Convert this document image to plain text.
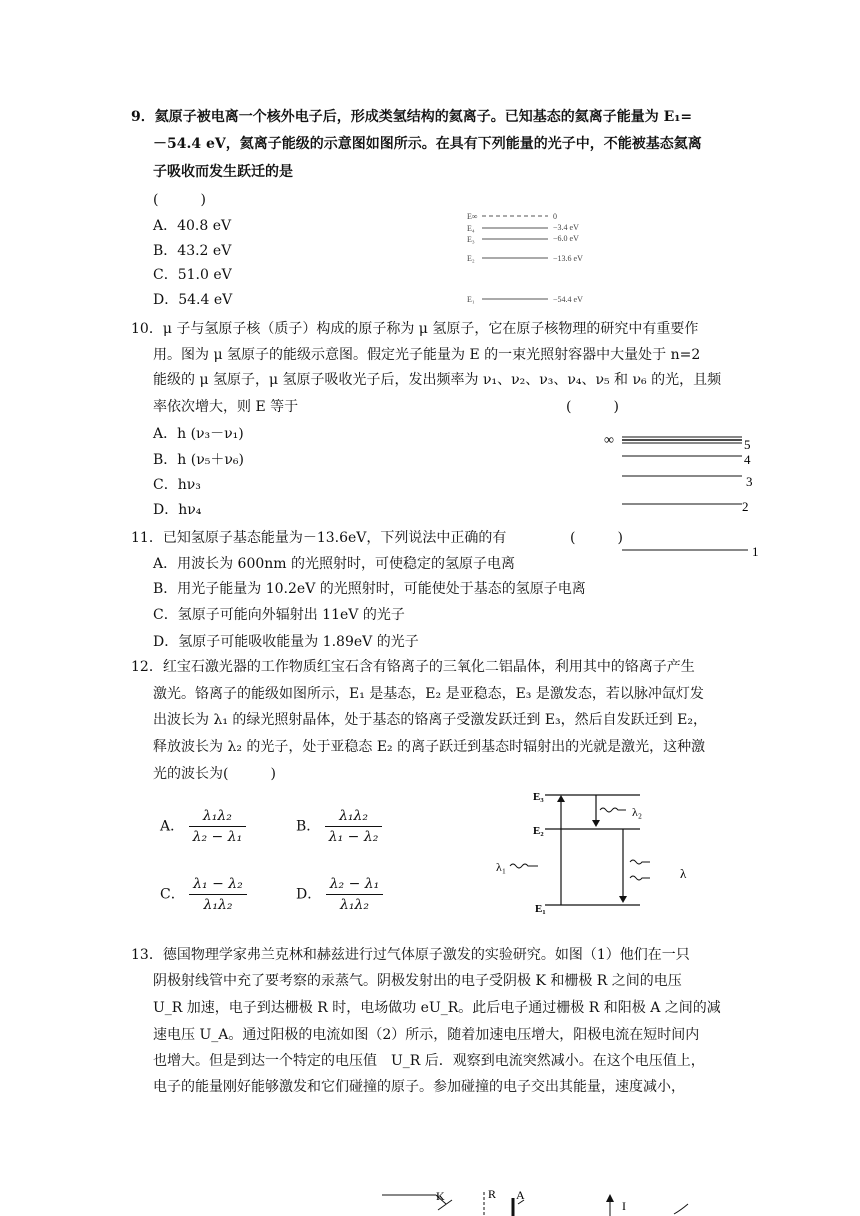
9．氦原子被电离一个核外电子后，形成类氢结构的氦离子。已知基态的氦离子能量为 E₁=
－54.4 eV，氦离子能级的示意图如图所示。在具有下列能量的光子中，不能被基态氦离
子吸收而发生跃迁的是
(　　　)
A．40.8 eV
B．43.2 eV
C．51.0 eV
D．54.4 eV
E∞
E₄
E₃
E₂
E₁
0
−3.4 eV
−6.0 eV
−13.6 eV
−54.4 eV
10．μ 子与氢原子核（质子）构成的原子称为 μ 氢原子，它在原子核物理的研究中有重要作
用。图为 μ 氢原子的能级示意图。假定光子能量为 E 的一束光照射容器中大量处于 n=2
能级的 μ 氢原子，μ 氢原子吸收光子后，发出频率为 ν₁、ν₂、ν₃、ν₄、ν₅ 和 ν₆ 的光，且频
率依次增大，则 E 等于	(　　　)
A．h (ν₃－ν₁)
B．h (ν₅＋ν₆)
C．hν₃
D．hν₄
∞	5
4
3
2
1
11．已知氢原子基态能量为－13.6eV，下列说法中正确的有	(　　　)
A．用波长为 600nm 的光照射时，可使稳定的氢原子电离
B．用光子能量为 10.2eV 的光照射时，可能使处于基态的氢原子电离
C．氢原子可能向外辐射出 11eV 的光子
D．氢原子可能吸收能量为 1.89eV 的光子
12．红宝石激光器的工作物质红宝石含有铬离子的三氧化二铝晶体，利用其中的铬离子产生
激光。铬离子的能级如图所示，E₁ 是基态，E₂ 是亚稳态，E₃ 是激发态，若以脉冲氙灯发
出波长为 λ₁ 的绿光照射晶体，处于基态的铬离子受激发跃迁到 E₃，然后自发跃迁到 E₂，
释放波长为 λ₂ 的光子，处于亚稳态 E₂ 的离子跃迁到基态时辐射出的光就是激光，这种激
光的波长为(　　　)
A． $\frac{\text{λ₁λ₂}}{\text{λ₂ − λ₁}}$	B． $\frac{\text{λ₁λ₂}}{\text{λ₁ − λ₂}}$
C． $\frac{\text{λ₁ − λ₂}}{\text{λ₁λ₂}}$	D． $\frac{\text{λ₂ − λ₁}}{\text{λ₁λ₂}}$
E₃
E₂
E₁
λ₂
λ₁	λ
13．德国物理学家弗兰克林和赫兹进行过气体原子激发的实验研究。如图（1）他们在一只
阴极射线管中充了要考察的汞蒸气。阴极发射出的电子受阴极 K 和栅极 R 之间的电压
U_R 加速，电子到达栅极 R 时，电场做功 eU_R。此后电子通过栅极 R 和阳极 A 之间的减
速电压 U_A。通过阳极的电流如图（2）所示，随着加速电压增大，阳极电流在短时间内
也增大。但是到达一个特定的电压值　U_R 后．观察到电流突然减小。在这个电压值上，
电子的能量刚好能够激发和它们碰撞的原子。参加碰撞的电子交出其能量，速度减小，
K	R A
I
